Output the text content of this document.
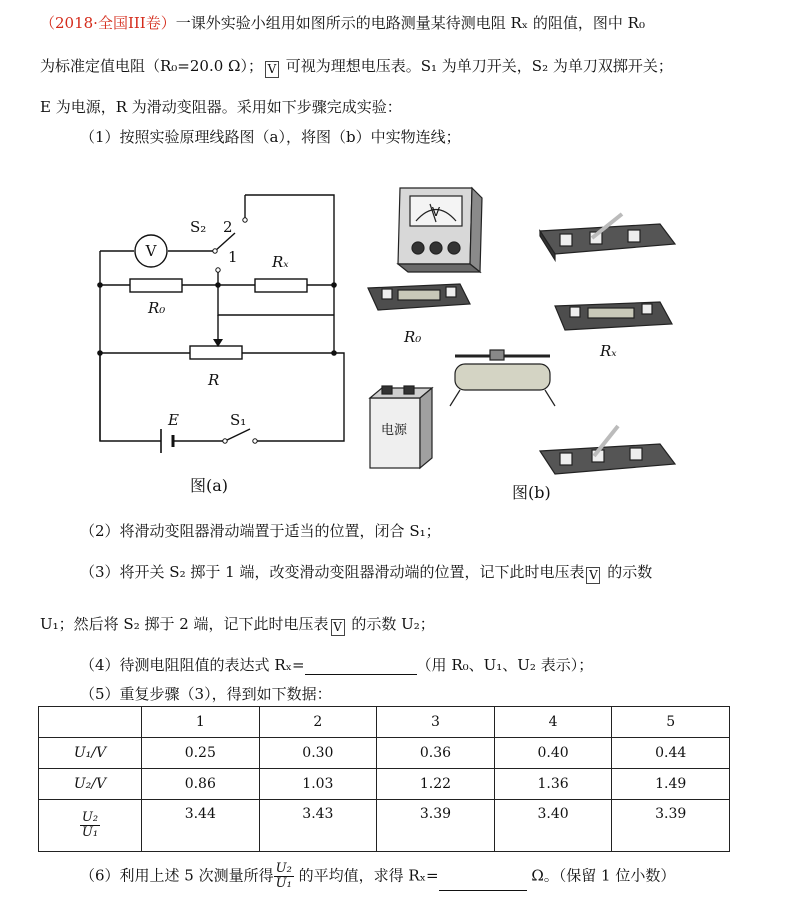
（2018·全国III卷）一课外实验小组用如图所示的电路测量某待测电阻 Rₓ 的阻值，图中 R₀
为标准定值电阻（R₀=20.0 Ω）； V 可视为理想电压表。S₁ 为单刀开关，S₂ 为单刀双掷开关；
E 为电源，R 为滑动变阻器。采用如下步骤完成实验：
（1）按照实验原理线路图（a），将图（b）中实物连线；
V
S₂ 2
1
R₀
Rₓ
R
E	S₁
图(a)
V
电源
R₀
Rₓ
图(b)
（2）将滑动变阻器滑动端置于适当的位置，闭合 S₁；
（3）将开关 S₂ 掷于 1 端，改变滑动变阻器滑动端的位置，记下此时电压表 V 的示数
U₁；然后将 S₂ 掷于 2 端，记下此时电压表 V 的示数 U₂；
（4）待测电阻阻值的表达式 Rₓ=	（用 R₀、U₁、U₂ 表示）；
（5）重复步骤（3），得到如下数据：
	1	2	3	4	5
U₁/V	0.25	0.30	0.36	0.40	0.44
U₂/V	0.86	1.03	1.22	1.36	1.49

$\frac{\text{U₂}}{\text{U₁}}$	3.44	3.43	3.39	3.40	3.39
（6）利用上述 5 次测量所得 $\frac{\text{U₂}}{\text{U₁}}$ 的平均值，求得 Rₓ=	Ω。（保留 1 位小数）
